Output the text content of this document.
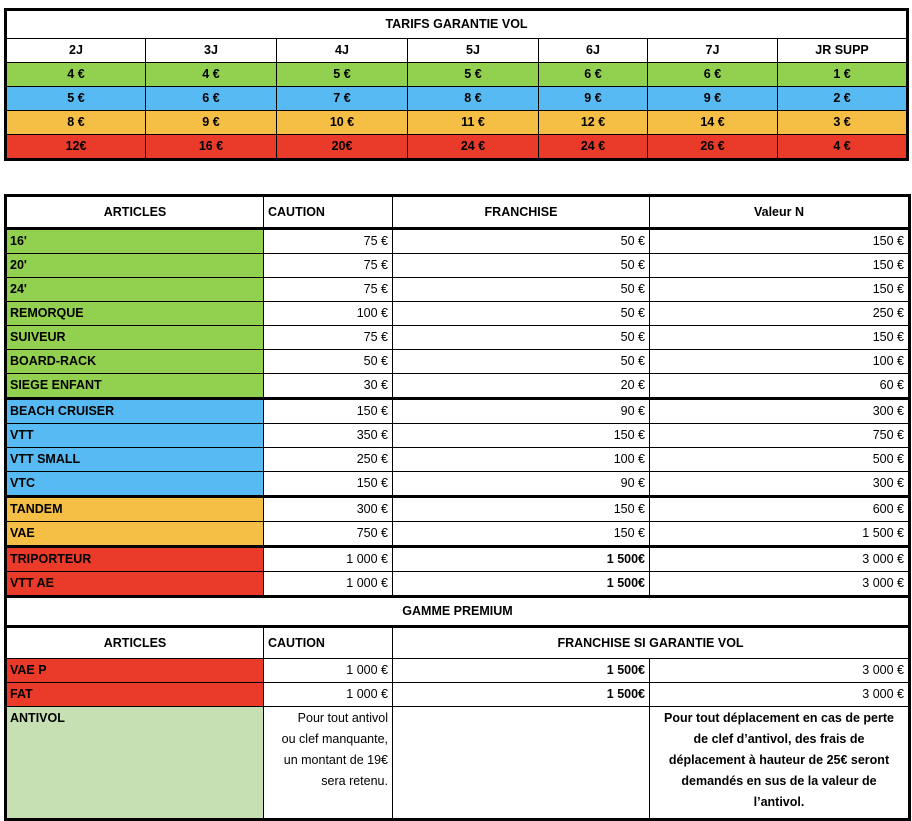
TARIFS GARANTIE VOL						
2J	3J	4J	5J	6J	7J	JR SUPP
4 €	4 €	5 €	5 €	6 €	6 €	1 €
5 €	6 €	7 €	8 €	9 €	9 €	2 €
8 €	9 €	10 €	11 €	12 €	14 €	3 €
12€	16 €	20€	24 €	24 €	26 €	4 €
ARTICLES	CAUTION	FRANCHISE	Valeur N
16'	75 €	50 €	150 €
20'	75 €	50 €	150 €
24'	75 €	50 €	150 €
REMORQUE	100 €	50 €	250 €
SUIVEUR	75 €	50 €	150 €
BOARD-RACK	50 €	50 €	100 €
SIEGE ENFANT	30 €	20 €	60 €
BEACH CRUISER	150 €	90 €	300 €
VTT	350 €	150 €	750 €
VTT SMALL	250 €	100 €	500 €
VTC	150 €	90 €	300 €
TANDEM	300 €	150 €	600 €
VAE	750 €	150 €	1 500 €
TRIPORTEUR	1 000 €	1 500€	3 000 €
VTT AE	1 000 €	1 500€	3 000 €
GAMME PREMIUM			
ARTICLES	CAUTION	FRANCHISE SI GARANTIE VOL	
VAE P	1 000 €	1 500€	3 000 €
FAT	1 000 €	1 500€	3 000 €
ANTIVOL	Pour tout antivol
ou clef manquante,
un montant de 19€
sera retenu.		Pour tout déplacement en cas de perte
de clef d’antivol, des frais de
déplacement à hauteur de 25€ seront
demandés en sus de la valeur de
l’antivol.
